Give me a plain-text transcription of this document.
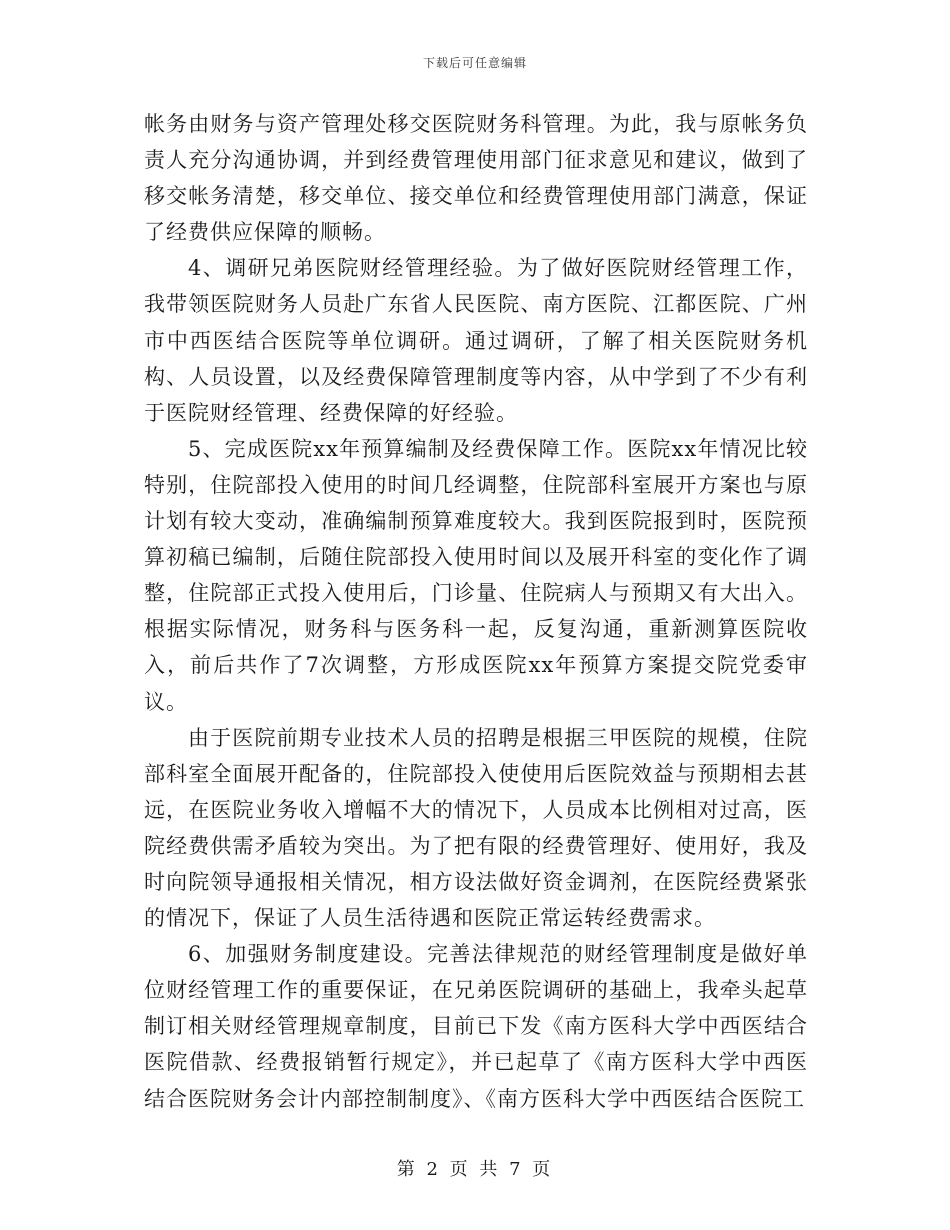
下载后可任意编辑

帐务由财务与资产管理处移交医院财务科管理。为此，我与原帐务负责人充分沟通协调，并到经费管理使用部门征求意见和建议，做到了移交帐务清楚，移交单位、接交单位和经费管理使用部门满意，保证了经费供应保障的顺畅。

4、调研兄弟医院财经管理经验。为了做好医院财经管理工作，我带领医院财务人员赴广东省人民医院、南方医院、江都医院、广州市中西医结合医院等单位调研。通过调研，了解了相关医院财务机构、人员设置，以及经费保障管理制度等内容，从中学到了不少有利于医院财经管理、经费保障的好经验。

5、完成医院xx年预算编制及经费保障工作。医院xx年情况比较特别，住院部投入使用的时间几经调整，住院部科室展开方案也与原计划有较大变动，准确编制预算难度较大。我到医院报到时，医院预算初稿已编制，后随住院部投入使用时间以及展开科室的变化作了调整，住院部正式投入使用后，门诊量、住院病人与预期又有大出入。根据实际情况，财务科与医务科一起，反复沟通，重新测算医院收入，前后共作了7次调整，方形成医院xx年预算方案提交院党委审议。

由于医院前期专业技术人员的招聘是根据三甲医院的规模，住院部科室全面展开配备的，住院部投入使使用后医院效益与预期相去甚远，在医院业务收入增幅不大的情况下，人员成本比例相对过高，医院经费供需矛盾较为突出。为了把有限的经费管理好、使用好，我及时向院领导通报相关情况，相方设法做好资金调剂，在医院经费紧张的情况下，保证了人员生活待遇和医院正常运转经费需求。

6、加强财务制度建设。完善法律规范的财经管理制度是做好单位财经管理工作的重要保证，在兄弟医院调研的基础上，我牵头起草制订相关财经管理规章制度，目前已下发《南方医科大学中西医结合医院借款、经费报销暂行规定》，并已起草了《南方医科大学中西医结合医院财务会计内部控制制度》、《南方医科大学中西医结合医院工

第 2 页 共 7 页
